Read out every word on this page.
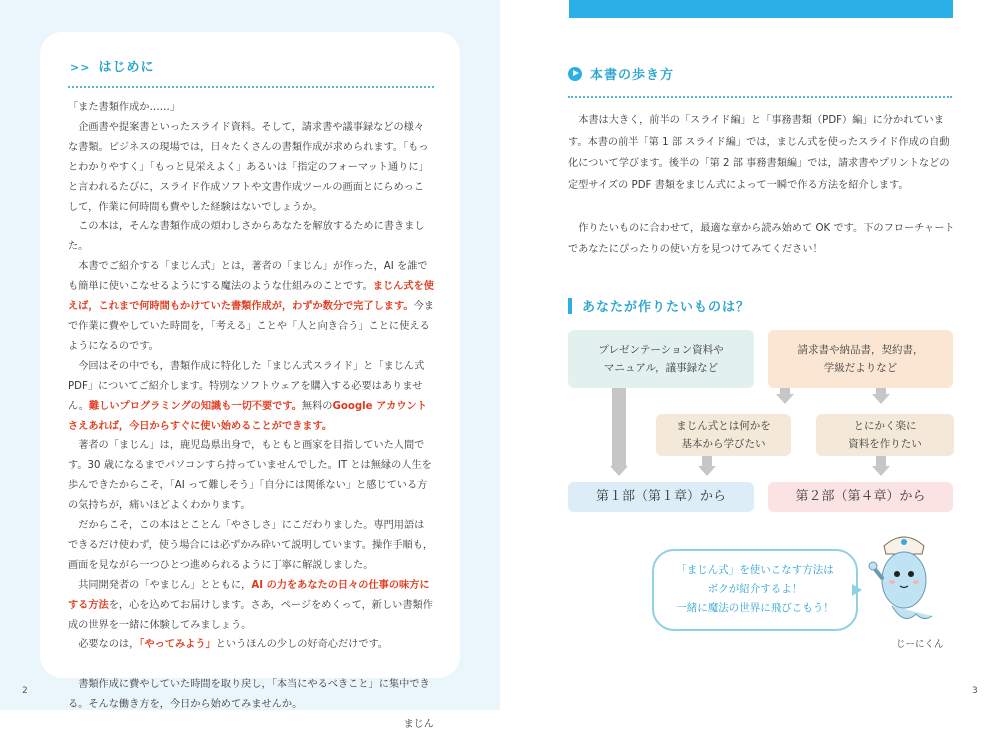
>> はじめに

「また書類作成か……」

企画書や提案書といったスライド資料。そして，請求書や議事録などの様々な書類。ビジネスの現場では，日々たくさんの書類作成が求められます。「もっとわかりやすく」「もっと見栄えよく」あるいは「指定のフォーマット通りに」と言われるたびに，スライド作成ソフトや文書作成ツールの画面とにらめっこして，作業に何時間も費やした経験はないでしょうか。

この本は，そんな書類作成の煩わしさからあなたを解放するために書きました。

本書でご紹介する「まじん式」とは，著者の「まじん」が作った，AI を誰でも簡単に使いこなせるようにする魔法のような仕組みのことです。まじん式を使えば，これまで何時間もかけていた書類作成が，わずか数分で完了します。今まで作業に費やしていた時間を，「考える」ことや「人と向き合う」ことに使えるようになるのです。

今回はその中でも，書類作成に特化した「まじん式スライド」と「まじん式 PDF」についてご紹介します。特別なソフトウェアを購入する必要はありません。難しいプログラミングの知識も一切不要です。無料のGoogle アカウントさえあれば，今日からすぐに使い始めることができます。

著者の「まじん」は，鹿児島県出身で，もともと画家を目指していた人間です。30 歳になるまでパソコンすら持っていませんでした。IT とは無縁の人生を歩んできたからこそ，「AI って難しそう」「自分には関係ない」と感じている方の気持ちが，痛いほどよくわかります。

だからこそ，この本はとことん「やさしさ」にこだわりました。専門用語はできるだけ使わず，使う場合には必ずかみ砕いて説明しています。操作手順も，画面を見ながら一つひとつ進められるように丁寧に解説しました。

共同開発者の「やまじん」とともに，AI の力をあなたの日々の仕事の味方にする方法を，心を込めてお届けします。さあ，ページをめくって，新しい書類作成の世界を一緒に体験してみましょう。

必要なのは，「やってみよう」というほんの少しの好奇心だけです。

書類作成に費やしていた時間を取り戻し，「本当にやるべきこと」に集中できる。そんな働き方を，今日から始めてみませんか。

まじん

2
本書の歩き方

本書は大きく，前半の「スライド編」と「事務書類（PDF）編」に分かれています。本書の前半「第 1 部 スライド編」では，まじん式を使ったスライド作成の自動化について学びます。後半の「第 2 部 事務書類編」では，請求書やプリントなどの定型サイズの PDF 書類をまじん式によって一瞬で作る方法を紹介します。

作りたいものに合わせて，最適な章から読み始めて OK です。下のフローチャートであなたにぴったりの使い方を見つけてみてください！

あなたが作りたいものは？
プレゼンテーション資料や
マニュアル，議事録など
請求書や納品書，契約書，
学級だよりなど
まじん式とは何かを
基本から学びたい
とにかく楽に
資料を作りたい
第１部（第１章）から	第２部（第４章）から
「まじん式」を使いこなす方法は
ボクが紹介するよ！
一緒に魔法の世界に飛びこもう！
じーにくん
3
